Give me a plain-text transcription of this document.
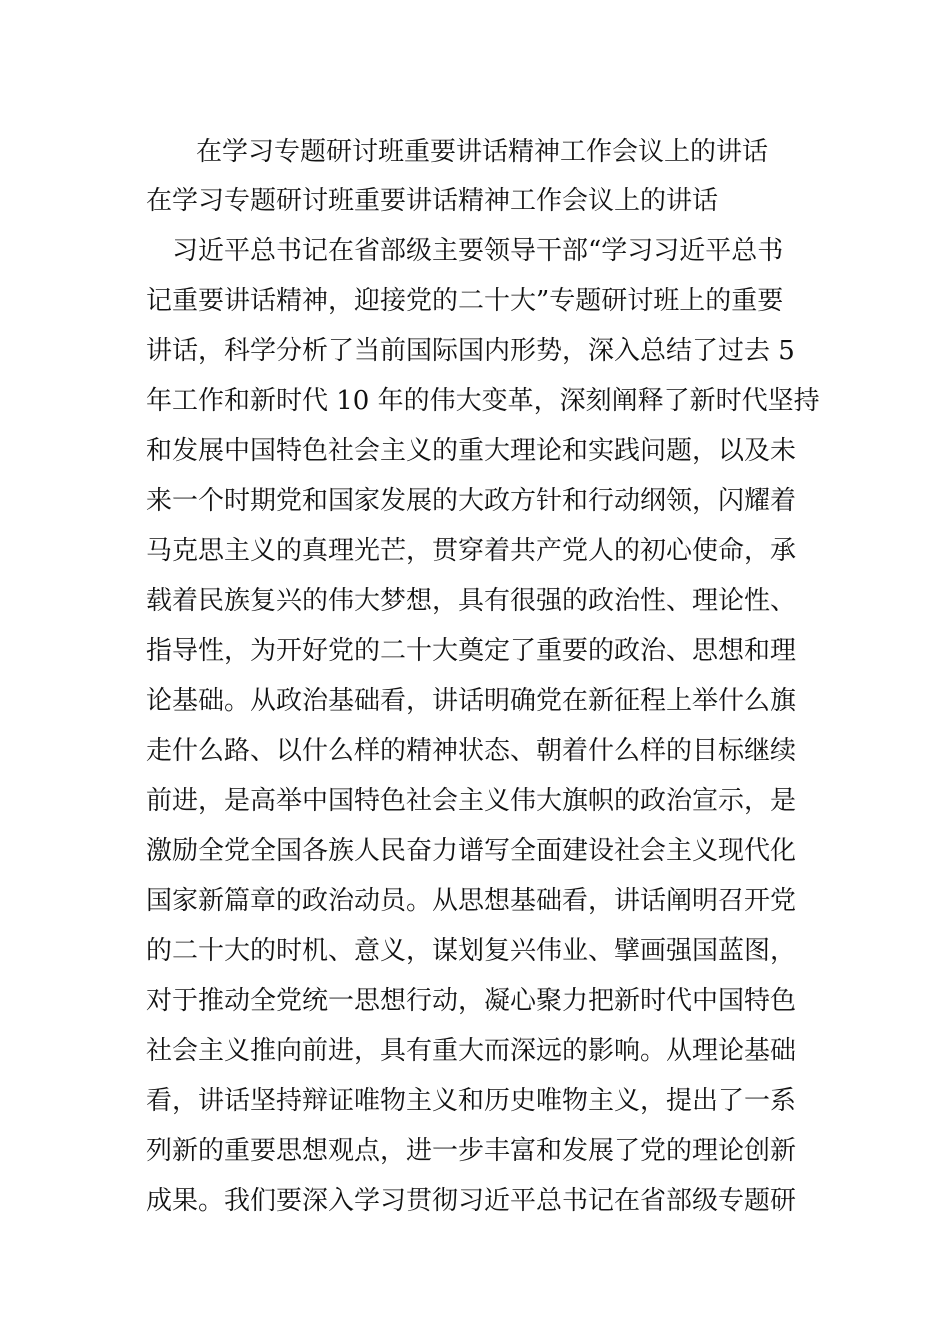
在学习专题研讨班重要讲话精神工作会议上的讲话
在学习专题研讨班重要讲话精神工作会议上的讲话
　习近平总书记在省部级主要领导干部“学习习近平总书
记重要讲话精神，迎接党的二十大”专题研讨班上的重要
讲话，科学分析了当前国际国内形势，深入总结了过去 5
年工作和新时代 10 年的伟大变革，深刻阐释了新时代坚持
和发展中国特色社会主义的重大理论和实践问题，以及未
来一个时期党和国家发展的大政方针和行动纲领，闪耀着
马克思主义的真理光芒，贯穿着共产党人的初心使命，承
载着民族复兴的伟大梦想，具有很强的政治性、理论性、
指导性，为开好党的二十大奠定了重要的政治、思想和理
论基础。从政治基础看，讲话明确党在新征程上举什么旗
走什么路、以什么样的精神状态、朝着什么样的目标继续
前进，是高举中国特色社会主义伟大旗帜的政治宣示，是
激励全党全国各族人民奋力谱写全面建设社会主义现代化
国家新篇章的政治动员。从思想基础看，讲话阐明召开党
的二十大的时机、意义，谋划复兴伟业、擘画强国蓝图，
对于推动全党统一思想行动，凝心聚力把新时代中国特色
社会主义推向前进，具有重大而深远的影响。从理论基础
看，讲话坚持辩证唯物主义和历史唯物主义，提出了一系
列新的重要思想观点，进一步丰富和发展了党的理论创新
成果。我们要深入学习贯彻习近平总书记在省部级专题研
